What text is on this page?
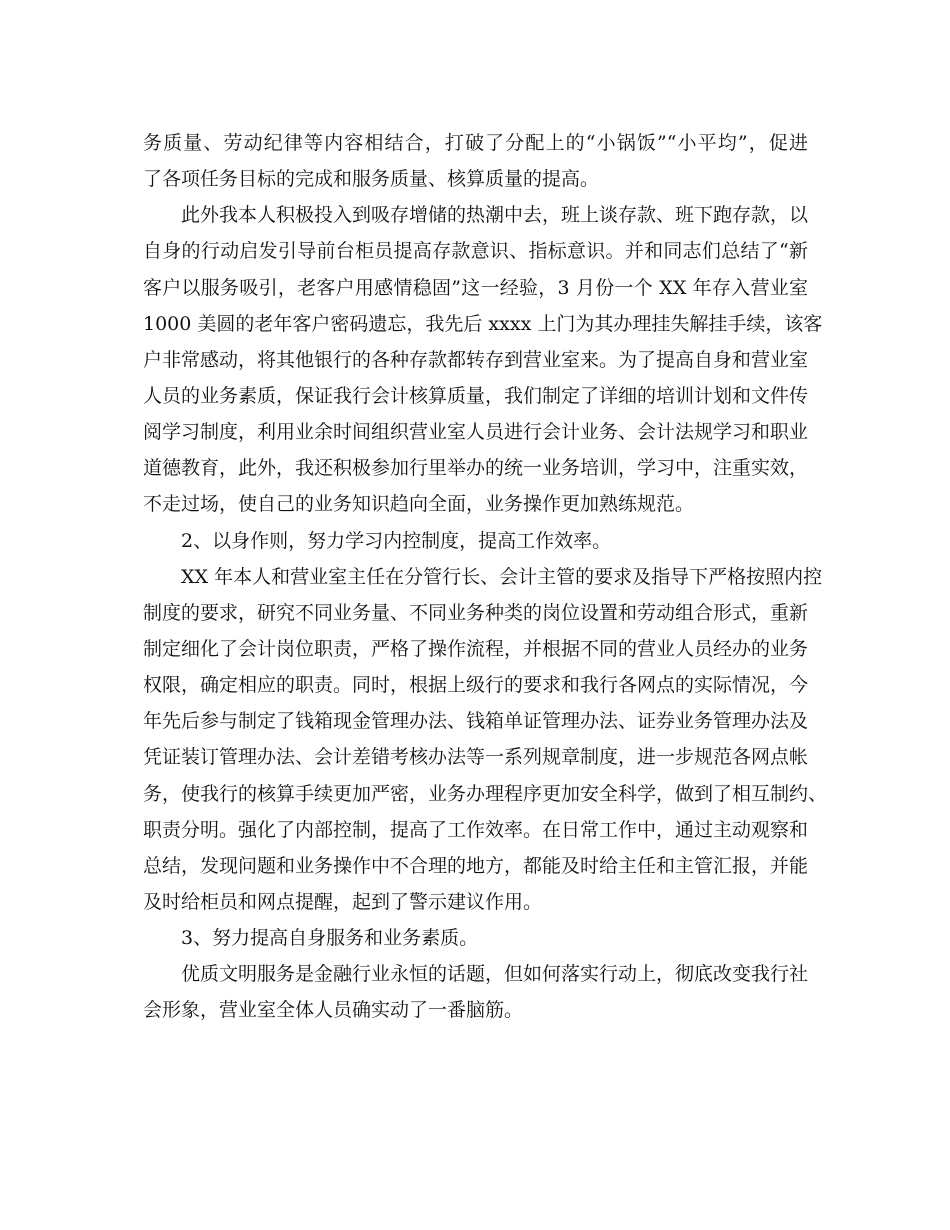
务质量、劳动纪律等内容相结合，打破了分配上的“小锅饭”“小平均”，促进
了各项任务目标的完成和服务质量、核算质量的提高。
此外我本人积极投入到吸存增储的热潮中去，班上谈存款、班下跑存款，以
自身的行动启发引导前台柜员提高存款意识、指标意识。并和同志们总结了“新
客户以服务吸引，老客户用感情稳固”这一经验，3 月份一个 XX 年存入营业室
1000 美圆的老年客户密码遗忘，我先后 xxxx 上门为其办理挂失解挂手续，该客
户非常感动，将其他银行的各种存款都转存到营业室来。为了提高自身和营业室
人员的业务素质，保证我行会计核算质量，我们制定了详细的培训计划和文件传
阅学习制度，利用业余时间组织营业室人员进行会计业务、会计法规学习和职业
道德教育，此外，我还积极参加行里举办的统一业务培训，学习中，注重实效，
不走过场，使自己的业务知识趋向全面，业务操作更加熟练规范。
2、以身作则，努力学习内控制度，提高工作效率。
XX 年本人和营业室主任在分管行长、会计主管的要求及指导下严格按照内控
制度的要求，研究不同业务量、不同业务种类的岗位设置和劳动组合形式，重新
制定细化了会计岗位职责，严格了操作流程，并根据不同的营业人员经办的业务
权限，确定相应的职责。同时，根据上级行的要求和我行各网点的实际情况，今
年先后参与制定了钱箱现金管理办法、钱箱单证管理办法、证券业务管理办法及
凭证装订管理办法、会计差错考核办法等一系列规章制度，进一步规范各网点帐
务，使我行的核算手续更加严密，业务办理程序更加安全科学，做到了相互制约、
职责分明。强化了内部控制，提高了工作效率。在日常工作中，通过主动观察和
总结，发现问题和业务操作中不合理的地方，都能及时给主任和主管汇报，并能
及时给柜员和网点提醒，起到了警示建议作用。
3、努力提高自身服务和业务素质。
优质文明服务是金融行业永恒的话题，但如何落实行动上，彻底改变我行社
会形象，营业室全体人员确实动了一番脑筋。
